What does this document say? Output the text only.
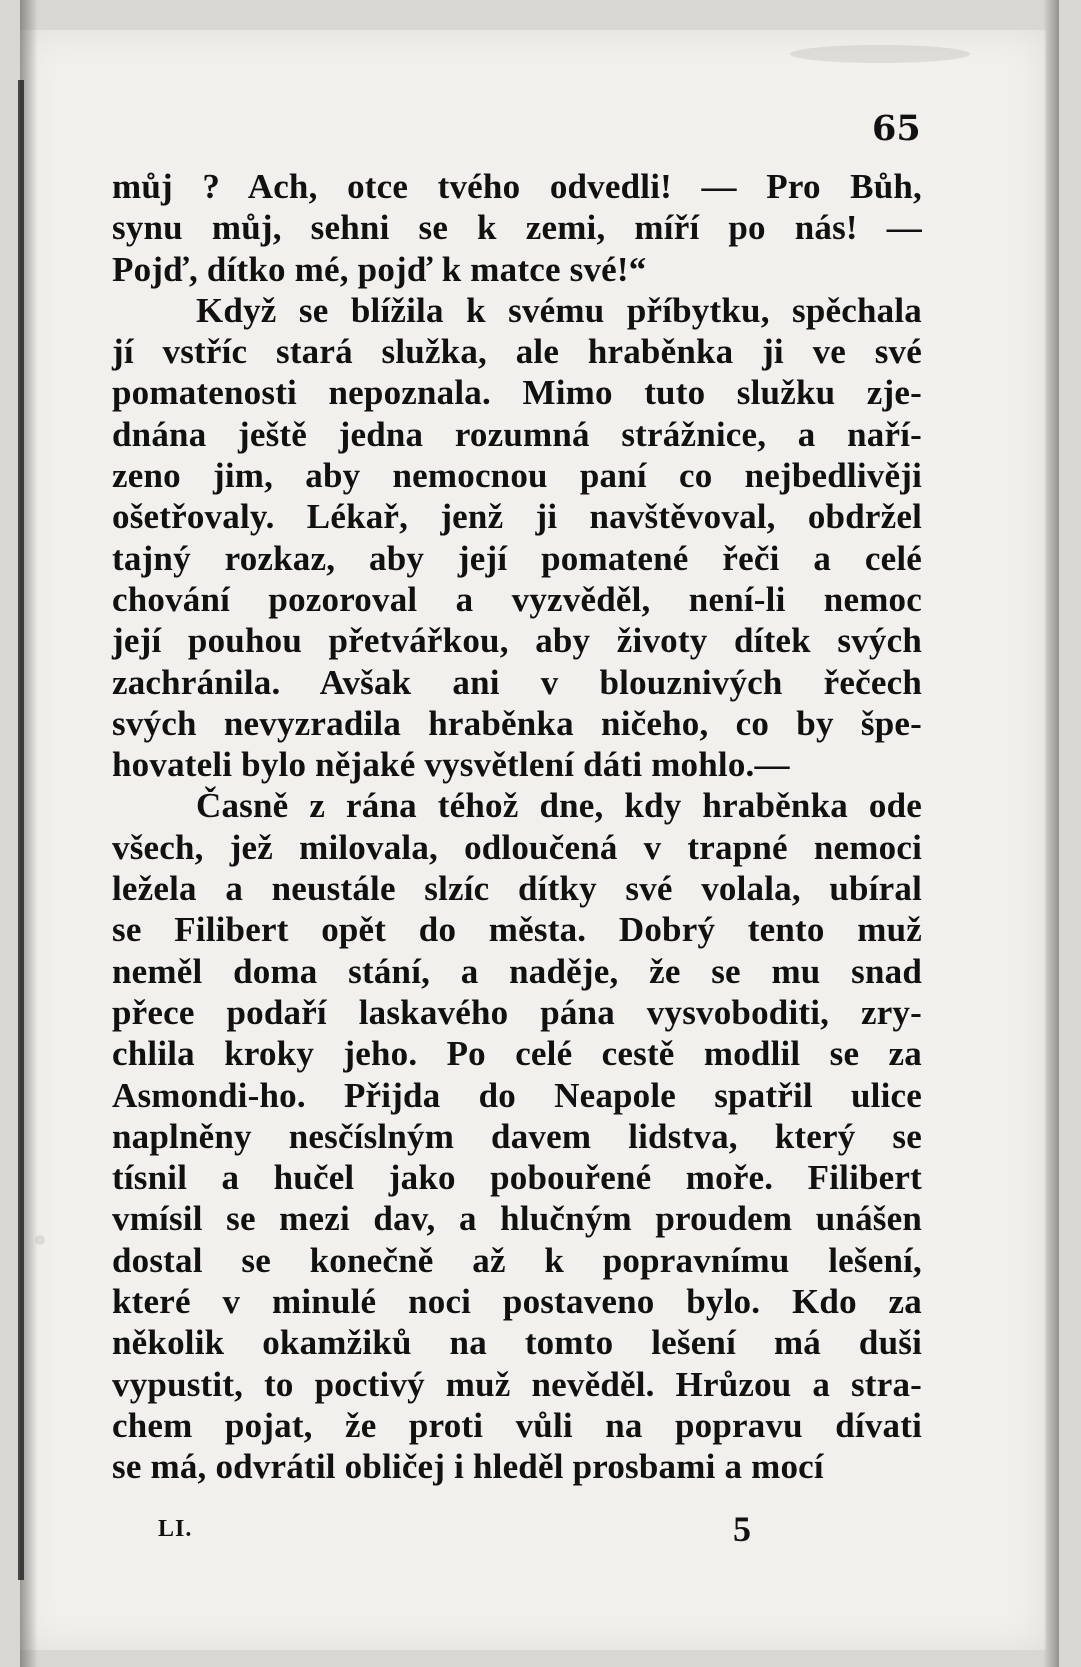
65
můj ? Ach, otce tvého odvedli! — Pro Bůh,
synu můj, sehni se k zemi, míří po nás! —
Pojď, dítko mé, pojď k matce své!“
Když se blížila k svému příbytku, spěchala
jí vstříc stará služka, ale hraběnka ji ve své
pomatenosti nepoznala. Mimo tuto služku zje-
dnána ještě jedna rozumná strážnice, a naří-
zeno jim, aby nemocnou paní co nejbedlivěji
ošetřovaly. Lékař, jenž ji navštěvoval, obdržel
tajný rozkaz, aby její pomatené řeči a celé
chování pozoroval a vyzvěděl, není-li nemoc
její pouhou přetvářkou, aby životy dítek svých
zachránila. Avšak ani v blouznivých řečech
svých nevyzradila hraběnka ničeho, co by špe-
hovateli bylo nějaké vysvětlení dáti mohlo.—
Časně z rána téhož dne, kdy hraběnka ode
všech, jež milovala, odloučená v trapné nemoci
ležela a neustále slzíc dítky své volala, ubíral
se Filibert opět do města. Dobrý tento muž
neměl doma stání, a naděje, že se mu snad
přece podaří laskavého pána vysvoboditi, zry-
chlila kroky jeho. Po celé cestě modlil se za
Asmondi-ho. Přijda do Neapole spatřil ulice
naplněny nesčíslným davem lidstva, který se
tísnil a hučel jako pobouřené moře. Filibert
vmísil se mezi dav, a hlučným proudem unášen
dostal se konečně až k popravnímu lešení,
které v minulé noci postaveno bylo. Kdo za
několik okamžiků na tomto lešení má duši
vypustit, to poctivý muž nevěděl. Hrůzou a stra-
chem pojat, že proti vůli na popravu dívati
se má, odvrátil obličej i hleděl prosbami a mocí
LI.	5
